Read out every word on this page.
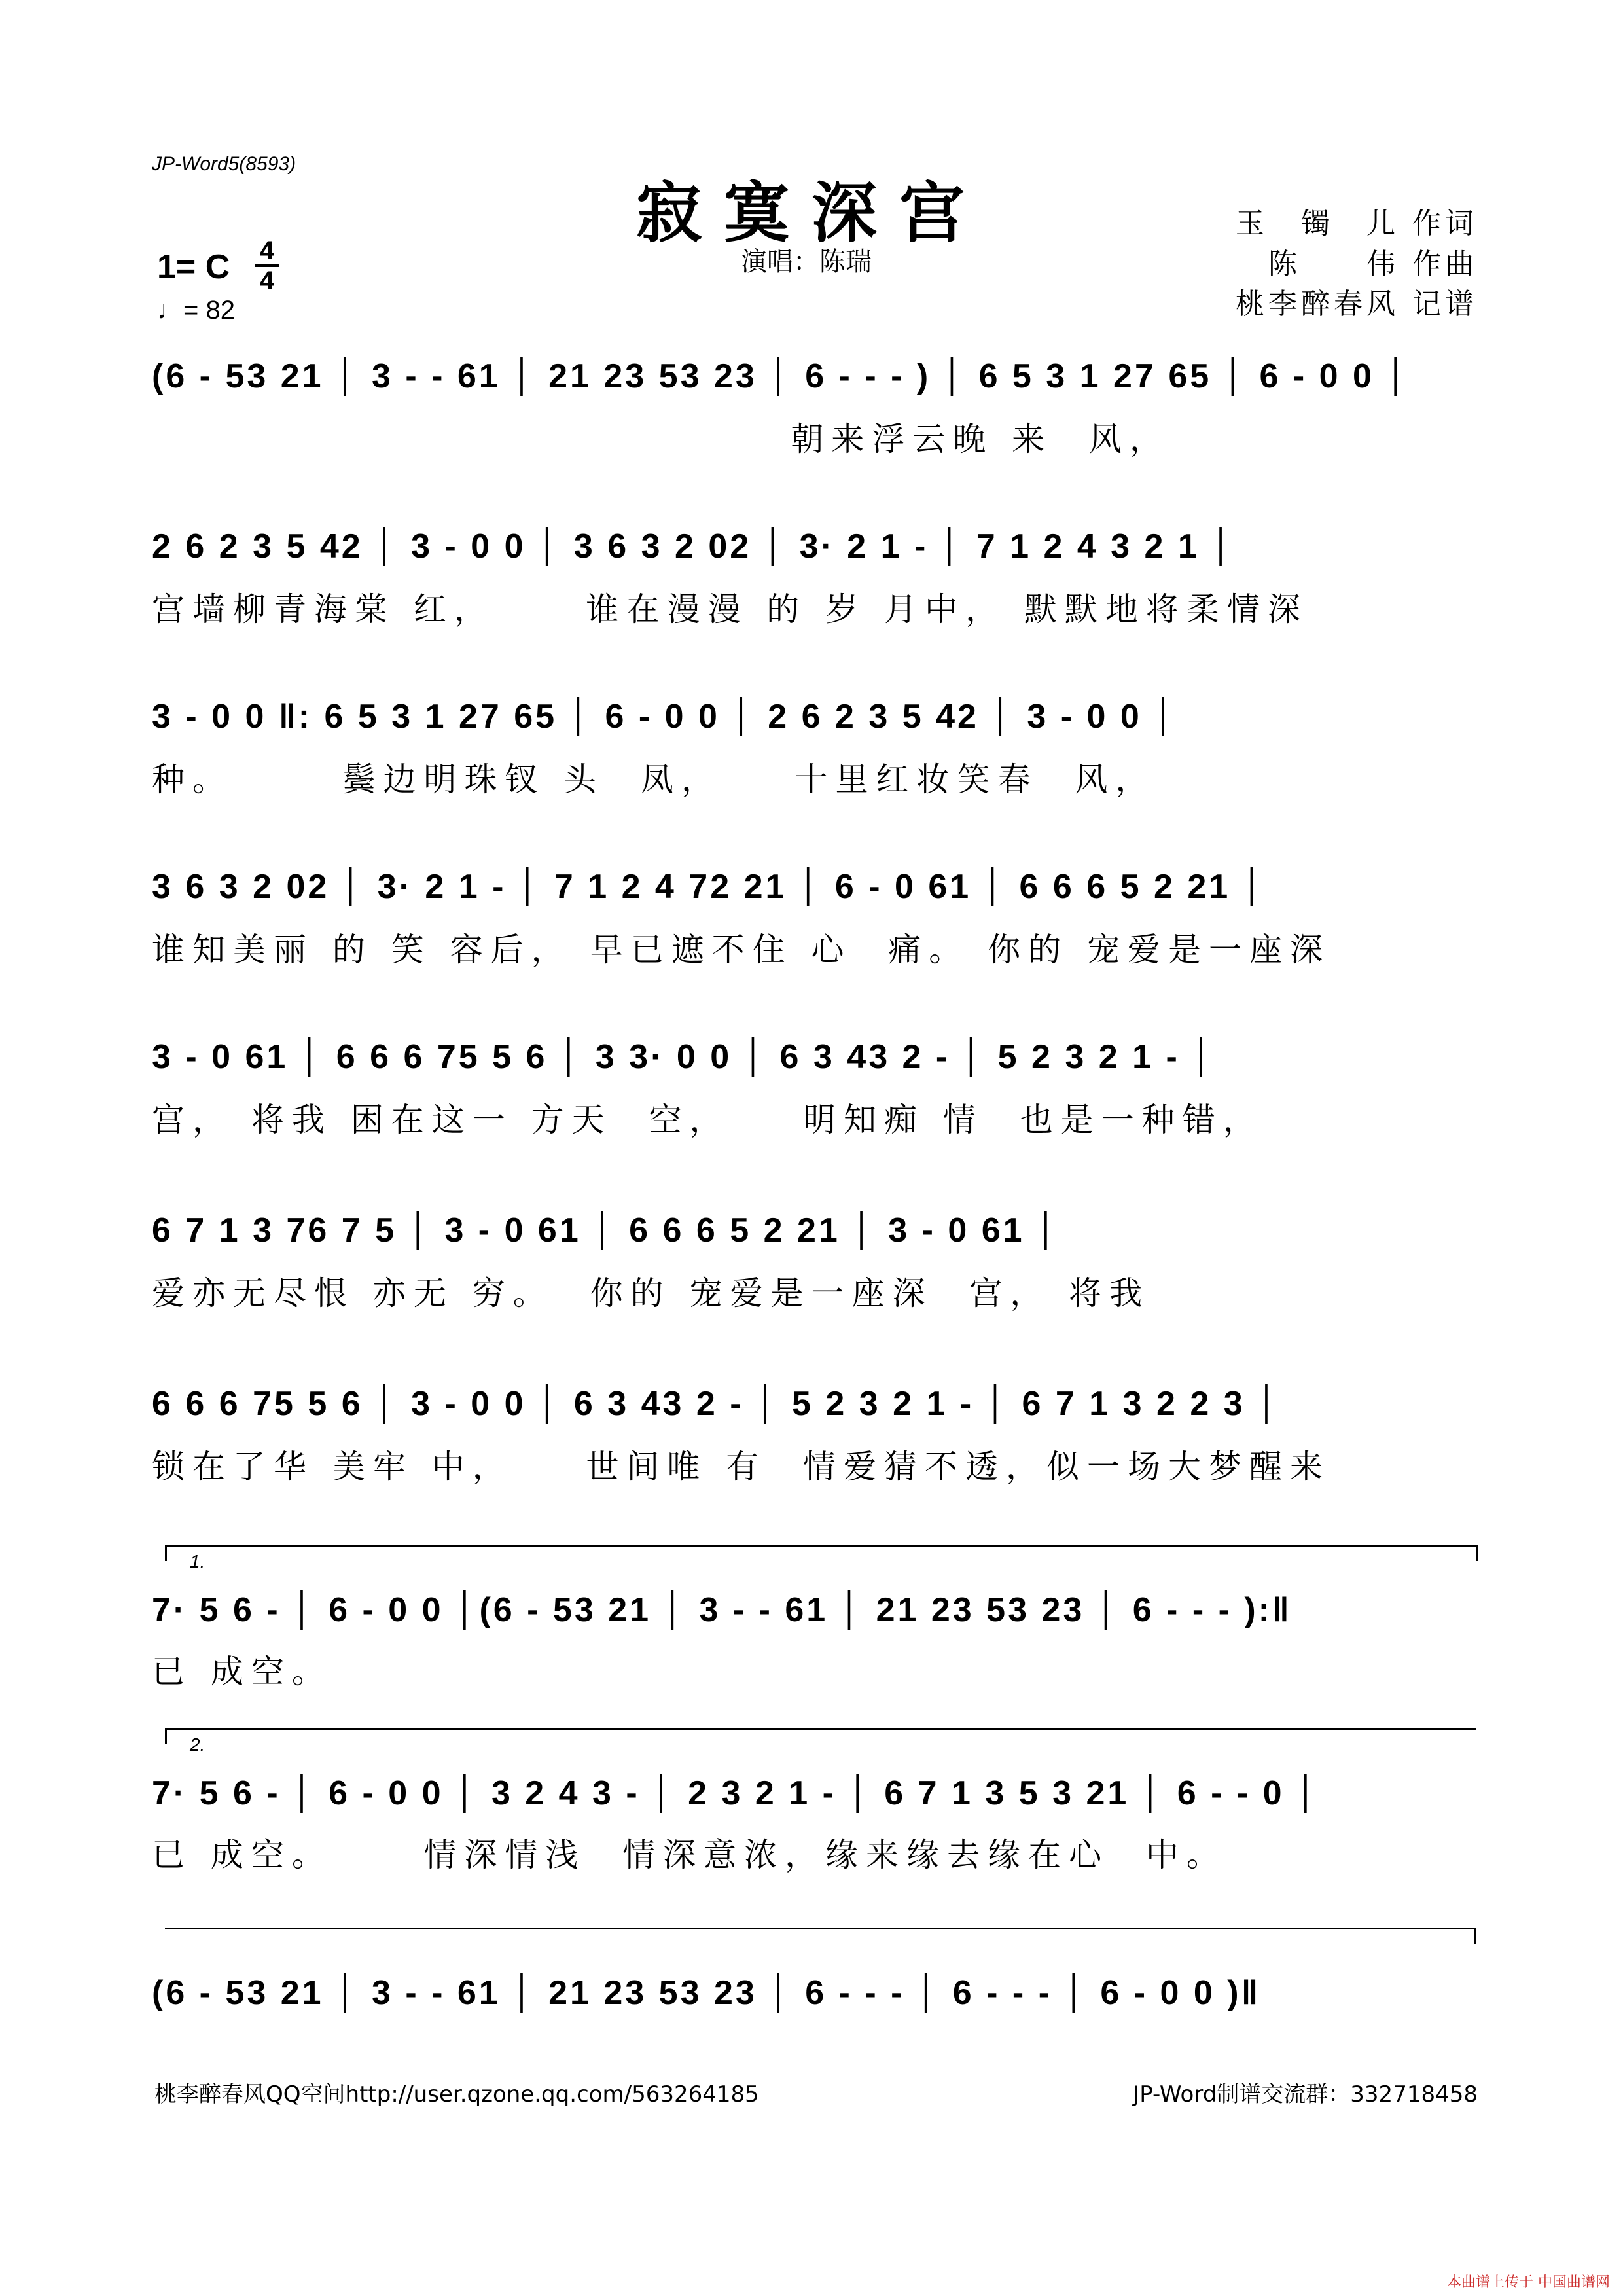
JP-Word5(8593)
寂寞深宫
演唱：陈瑞
玉　镯　儿 作词
陈　　伟 作曲
桃李醉春风 记谱
1= C 4
4
♩= 82
(6 - 53 21 │ 3 - - 61 │ 21 23 53 23 │ 6 - - - ) │ 6 5 3 1 27 65 │ 6 - 0 0 │
朝来浮云晚 来  风，
2 6 2 3 5 42 │ 3 - 0 0 │ 3 6 3 2 02 │ 3· 2 1 - │ 7 1 2 4 3 2 1 │
宫墙柳青海棠 红，     谁在漫漫 的 岁 月中， 默默地将柔情深
3 - 0 0 ‖: 6 5 3 1 27 65 │ 6 - 0 0 │ 2 6 2 3 5 42 │ 3 - 0 0 │
种。      鬓边明珠钗 头  凤，    十里红妆笑春  风，
3 6 3 2 02 │ 3· 2 1 - │ 7 1 2 4 72 21 │ 6 - 0 61 │ 6 6 6 5 2 21 │
谁知美丽 的 笑 容后， 早已遮不住 心  痛。 你的 宠爱是一座深
3 - 0 61 │ 6 6 6 75 5 6 │ 3 3· 0 0 │ 6 3 43 2 - │ 5 2 3 2 1 - │
宫， 将我 困在这一 方天  空，    明知痴 情  也是一种错，
6 7 1 3 76 7 5 │ 3 - 0 61 │ 6 6 6 5 2 21 │ 3 - 0 61 │
爱亦无尽恨 亦无 穷。  你的 宠爱是一座深  宫， 将我
6 6 6 75 5 6 │ 3 - 0 0 │ 6 3 43 2 - │ 5 2 3 2 1 - │ 6 7 1 3 2 2 3 │
锁在了华 美牢 中，    世间唯 有  情爱猜不透，似一场大梦醒来
1.
7· 5 6 - │ 6 - 0 0 │(6 - 53 21 │ 3 - - 61 │ 21 23 53 23 │ 6 - - - ):‖
已 成空。
2.
7· 5 6 - │ 6 - 0 0 │ 3 2 4 3 - │ 2 3 2 1 - │ 6 7 1 3 5 3 21 │ 6 - - 0 │
已 成空。     情深情浅  情深意浓，缘来缘去缘在心  中。
(6 - 53 21 │ 3 - - 61 │ 21 23 53 23 │ 6 - - - │ 6 - - - │ 6 - 0 0 )‖
桃李醉春风QQ空间http://user.qzone.qq.com/563264185	JP-Word制谱交流群：332718458
本曲谱上传于 中国曲谱网
